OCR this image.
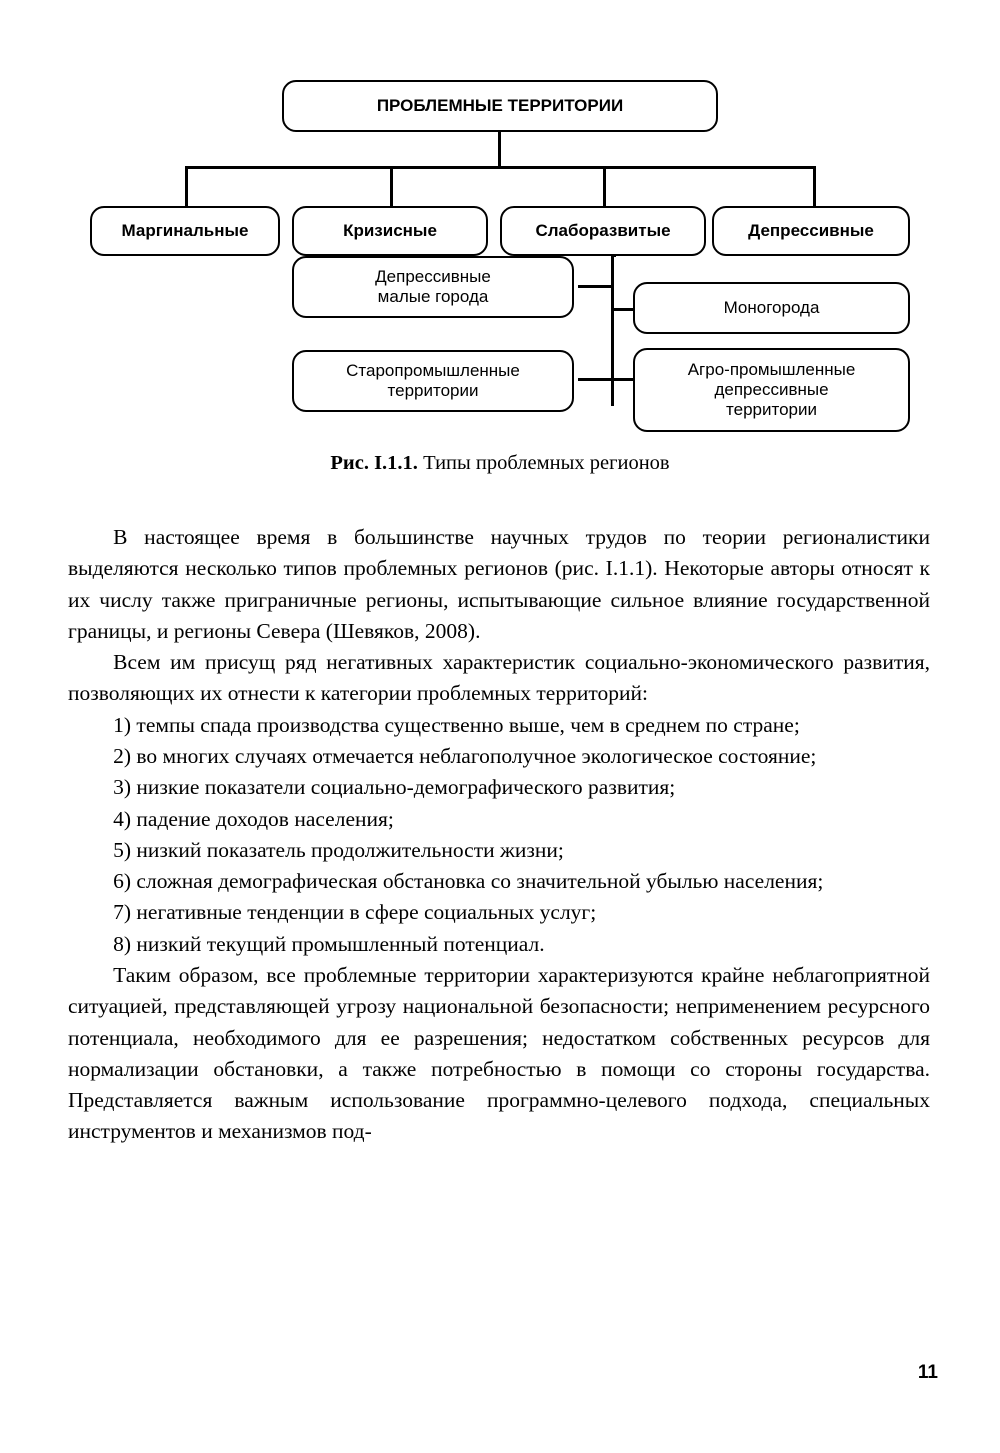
ПРОБЛЕМНЫЕ ТЕРРИТОРИИ
Маргинальные	Кризисные	Слаборазвитые	Депрессивные
Депрессивные
малые города
Моногорода
Старопромышленные
территории
Агро-промышленные
депрессивные
территории
Рис. I.1.1. Типы проблемных регионов

В настоящее время в большинстве научных трудов по теории регионалистики выделяются несколько типов проблемных регионов (рис. I.1.1). Некоторые авторы относят к их числу также приграничные регионы, испытывающие сильное влияние государственной границы, и регионы Севера (Шевяков, 2008).

Всем им присущ ряд негативных характеристик социально-экономического развития, позволяющих их отнести к категории проблемных территорий:

1) темпы спада производства существенно выше, чем в среднем по стране;

2) во многих случаях отмечается неблагополучное экологическое состояние;

3) низкие показатели социально-демографического развития;

4) падение доходов населения;

5) низкий показатель продолжительности жизни;

6) сложная демографическая обстановка со значительной убылью населения;

7) негативные тенденции в сфере социальных услуг;

8) низкий текущий промышленный потенциал.

Таким образом, все проблемные территории характеризуются крайне неблагоприятной ситуацией, представляющей угрозу национальной безопасности; неприменением ресурсного потенциала, необходимого для ее разрешения; недостатком собственных ресурсов для нормализации обстановки, а также потребностью в помощи со стороны государства. Представляется важным использование программно-целевого подхода, специальных инструментов и механизмов под-

11
